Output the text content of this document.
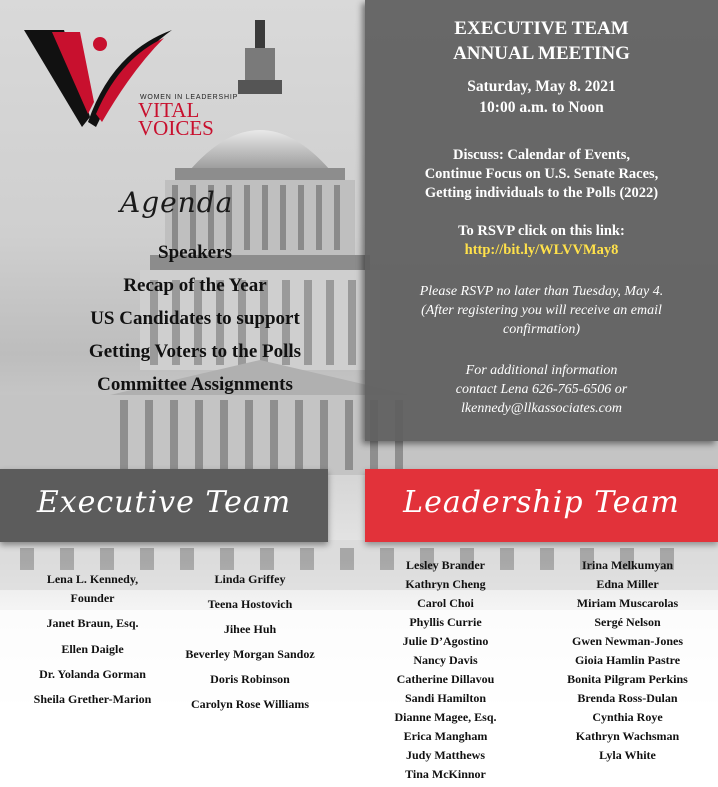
WOMEN IN LEADERSHIP
VITAL
VOICES
Agenda
Speakers
Recap of the Year
US Candidates to support
Getting Voters to the Polls
Committee Assignments
EXECUTIVE TEAM
ANNUAL MEETING
Saturday, May 8. 2021
10:00 a.m. to Noon
Discuss: Calendar of Events,
Continue Focus on U.S. Senate Races,
Getting individuals to the Polls (2022)
To RSVP click on this link:
http://bit.ly/WLVVMay8
Please RSVP no later than Tuesday, May 4.
(After registering you will receive an email
confirmation)
For additional information
contact Lena 626-765-6506 or
lkennedy@llkassociates.com
Executive Team	Leadership Team
Lena L. Kennedy,
Founder
Janet Braun, Esq.
Ellen Daigle
Dr. Yolanda Gorman
Sheila Grether-Marion
Linda Griffey
Teena Hostovich
Jihee Huh
Beverley Morgan Sandoz
Doris Robinson
Carolyn Rose Williams
Lesley Brander
Kathryn Cheng
Carol Choi
Phyllis Currie
Julie D’Agostino
Nancy Davis
Catherine Dillavou
Sandi Hamilton
Dianne Magee, Esq.
Erica Mangham
Judy Matthews
Tina McKinnor
Irina Melkumyan
Edna Miller
Miriam Muscarolas
Sergé Nelson
Gwen Newman-Jones
Gioia Hamlin Pastre
Bonita Pilgram Perkins
Brenda Ross-Dulan
Cynthia Roye
Kathryn Wachsman
Lyla White
